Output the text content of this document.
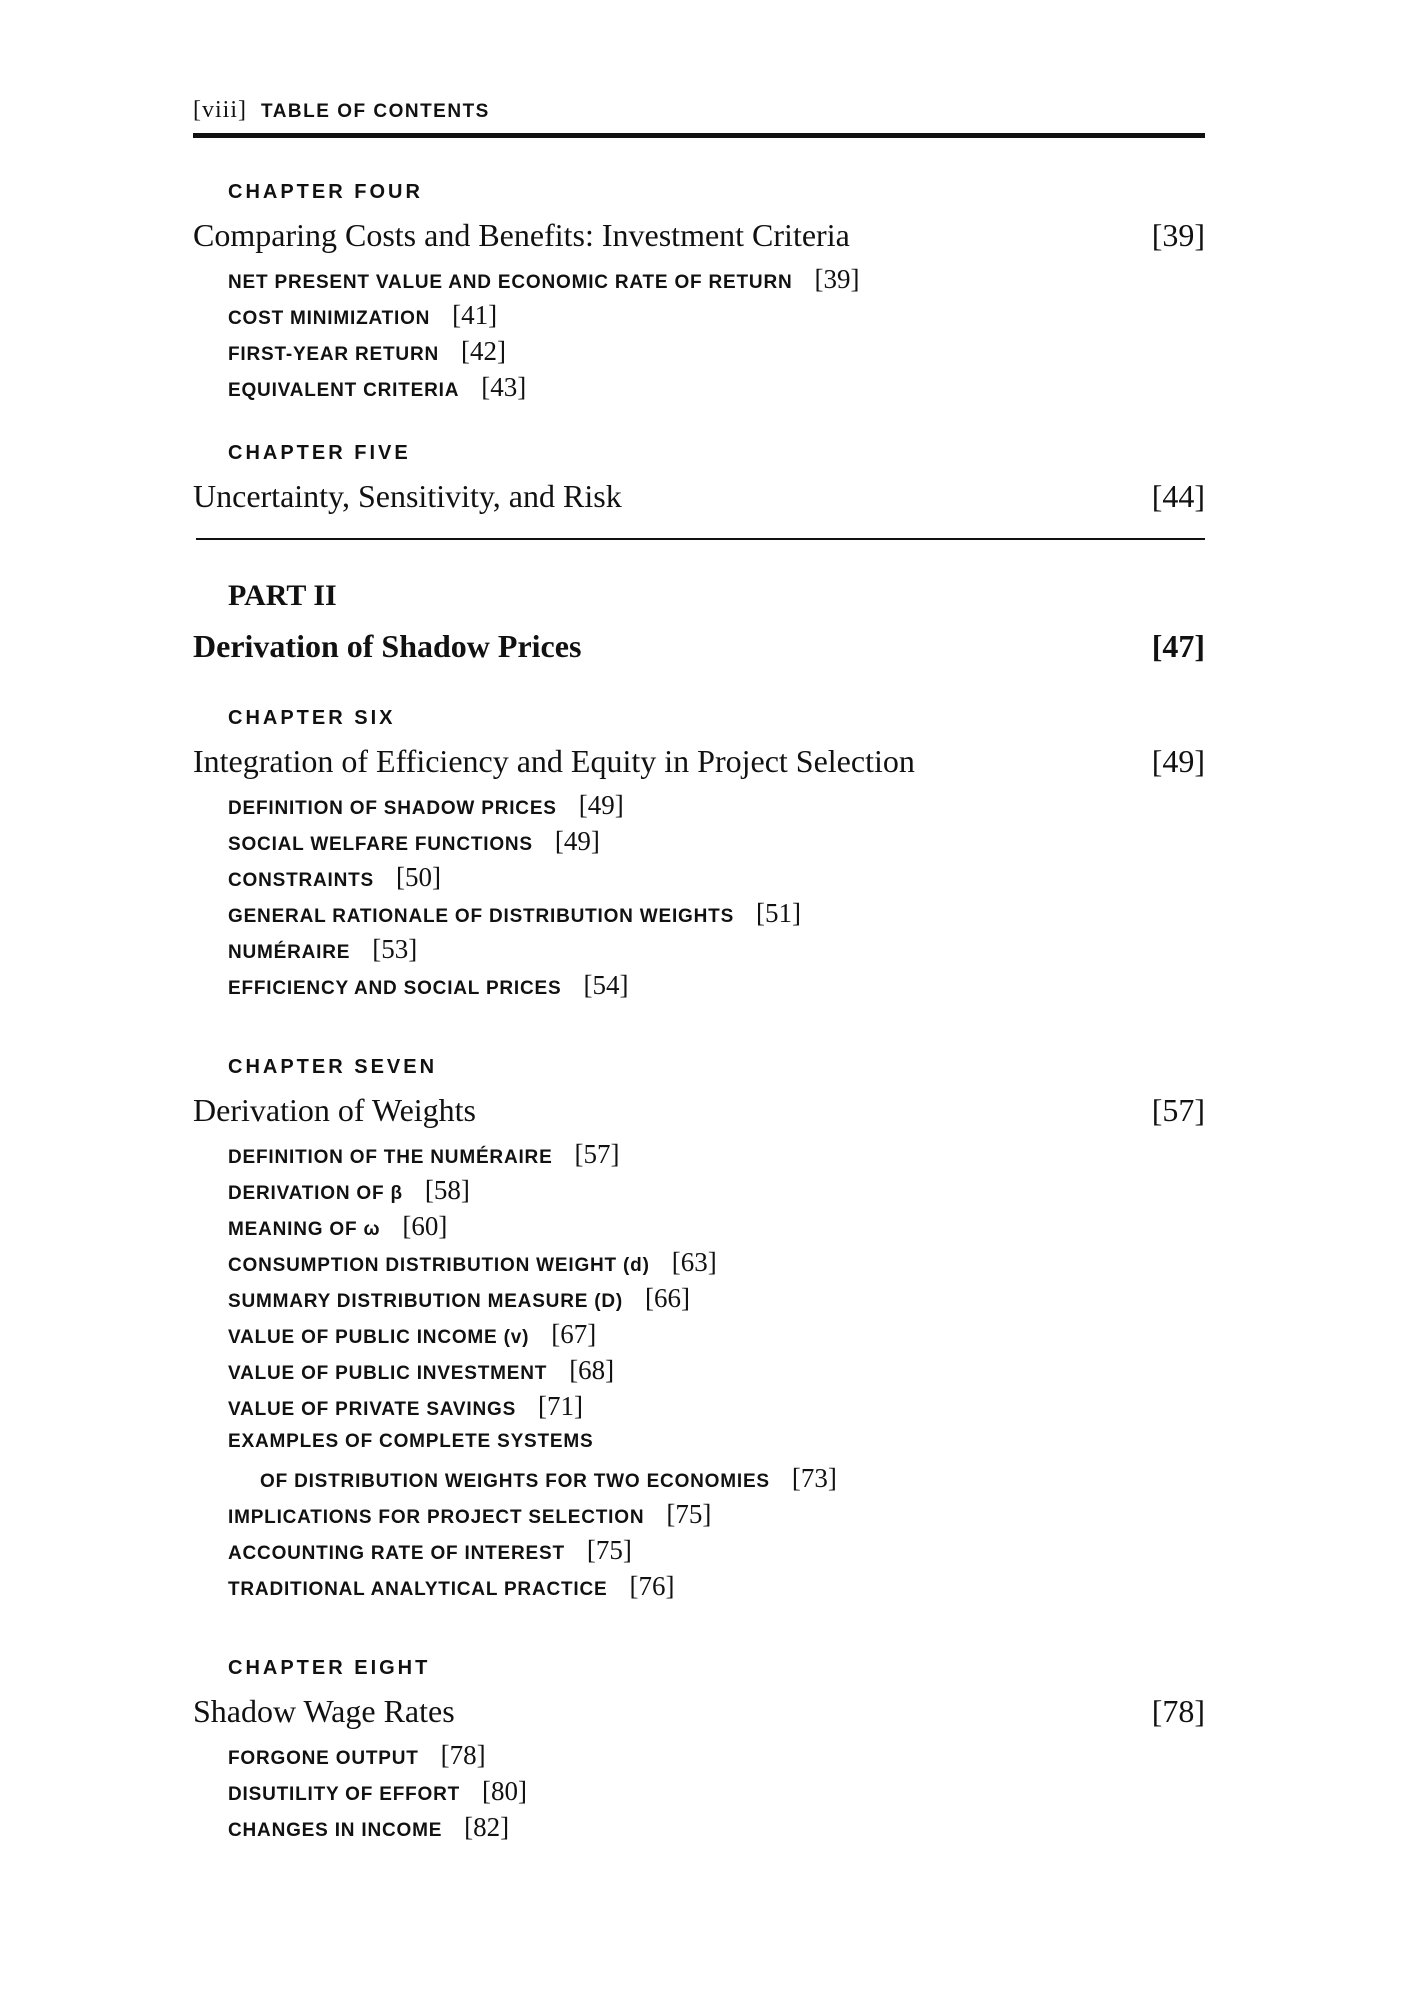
[viii] TABLE OF CONTENTS
CHAPTER FOUR
Comparing Costs and Benefits: Investment Criteria	[39]
NET PRESENT VALUE AND ECONOMIC RATE OF RETURN [39]
COST MINIMIZATION [41]
FIRST-YEAR RETURN [42]
EQUIVALENT CRITERIA [43]
CHAPTER FIVE
Uncertainty, Sensitivity, and Risk	[44]
PART II
Derivation of Shadow Prices	[47]
CHAPTER SIX
Integration of Efficiency and Equity in Project Selection	[49]
DEFINITION OF SHADOW PRICES [49]
SOCIAL WELFARE FUNCTIONS [49]
CONSTRAINTS [50]
GENERAL RATIONALE OF DISTRIBUTION WEIGHTS [51]
NUMÉRAIRE [53]
EFFICIENCY AND SOCIAL PRICES [54]
CHAPTER SEVEN
Derivation of Weights	[57]
DEFINITION OF THE NUMÉRAIRE [57]
DERIVATION OF β [58]
MEANING OF ω [60]
CONSUMPTION DISTRIBUTION WEIGHT (d) [63]
SUMMARY DISTRIBUTION MEASURE (D) [66]
VALUE OF PUBLIC INCOME (v) [67]
VALUE OF PUBLIC INVESTMENT [68]
VALUE OF PRIVATE SAVINGS [71]
EXAMPLES OF COMPLETE SYSTEMS
OF DISTRIBUTION WEIGHTS FOR TWO ECONOMIES [73]
IMPLICATIONS FOR PROJECT SELECTION [75]
ACCOUNTING RATE OF INTEREST [75]
TRADITIONAL ANALYTICAL PRACTICE [76]
CHAPTER EIGHT
Shadow Wage Rates	[78]
FORGONE OUTPUT [78]
DISUTILITY OF EFFORT [80]
CHANGES IN INCOME [82]
